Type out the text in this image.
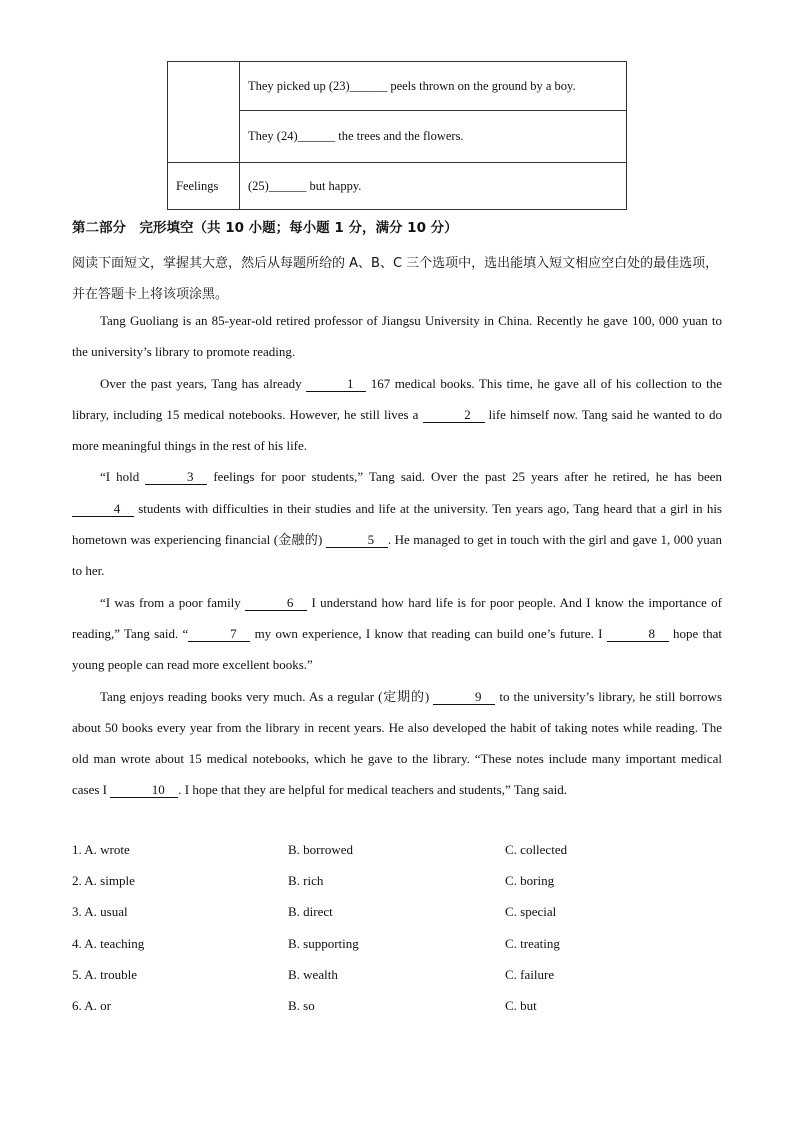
	They picked up (23)______ peels thrown on the ground by a boy.
	They (24)______ the trees and the flowers.
Feelings	(25)______ but happy.
第二部分　完形填空（共 10 小题；每小题 1 分，满分 10 分）
阅读下面短文，掌握其大意，然后从每题所给的 A、B、C 三个选项中，选出能填入短文相应空白处的最佳选项，并在答题卡上将该项涂黑。

Tang Guoliang is an 85-year-old retired professor of Jiangsu University in China. Recently he gave 100, 000 yuan to the university’s library to promote reading.

Over the past years, Tang has already	1 167 medical books. This time, he gave all of his collection to the library, including 15 medical notebooks. However, he still lives a	2 life himself now. Tang said he wanted to do more meaningful things in the rest of his life.

“I hold	3 feelings for poor students,” Tang said. Over the past 25 years after he retired, he has been 4 students with difficulties in their studies and life at the university. Ten years ago, Tang heard that a girl in his hometown was experiencing financial (金融的)	5 . He managed to get in touch with the girl and gave 1, 000 yuan to her.

“I was from a poor family	6 I understand how hard life is for poor people. And I know the importance of reading,” Tang said. “	7 my own experience, I know that reading can build one’s future. I	8 hope that young people can read more excellent books.”

Tang enjoys reading books very much. As a regular (定期的)	9 to the university’s library, he still borrows about 50 books every year from the library in recent years. He also developed the habit of taking notes while reading. The old man wrote about 15 medical notebooks, which he gave to the library. “These notes include many important medical cases I	10 . I hope that they are helpful for medical teachers and students,” Tang said.

1. A. wrote	B. borrowed	C. collected
2. A. simple	B. rich	C. boring
3. A. usual	B. direct	C. special
4. A. teaching	B. supporting	C. treating
5. A. trouble	B. wealth	C. failure
6. A. or	B. so	C. but
